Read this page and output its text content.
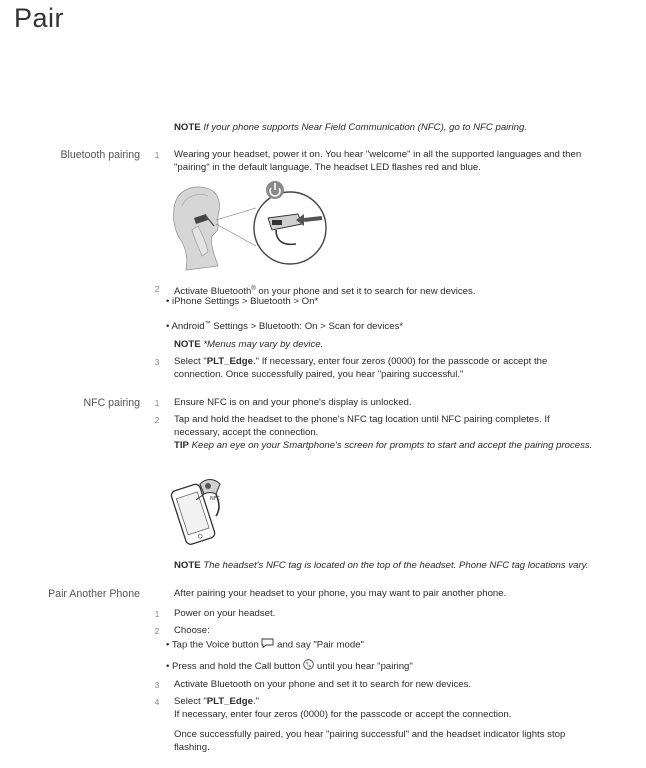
Pair
NOTE If your phone supports Near Field Communication (NFC), go to NFC pairing.
Bluetooth pairing	1 Wearing your headset, power it on. You hear "welcome" in all the supported languages and then
"pairing" in the default language. The headset LED flashes red and blue.
2 Activate Bluetooth® on your phone and set it to search for new devices.
• iPhone Settings > Bluetooth > On*
• Android™ Settings > Bluetooth: On > Scan for devices*
NOTE *Menus may vary by device.
3 Select "PLT_Edge." If necessary, enter four zeros (0000) for the passcode or accept the
connection. Once successfully paired, you hear "pairing successful."
NFC pairing	1 Ensure NFC is on and your phone's display is unlocked.
2 Tap and hold the headset to the phone's NFC tag location until NFC pairing completes. If
necessary, accept the connection.
TIP Keep an eye on your Smartphone's screen for prompts to start and accept the pairing process.
NFC
NOTE The headset's NFC tag is located on the top of the headset. Phone NFC tag locations vary.
Pair Another Phone	After pairing your headset to your phone, you may want to pair another phone.
1 Power on your headset.
2 Choose:
• Tap the Voice button  and say "Pair mode"
• Press and hold the Call button  until you hear "pairing"
3 Activate Bluetooth on your phone and set it to search for new devices.
4 Select "PLT_Edge."
If necessary, enter four zeros (0000) for the passcode or accept the connection.
Once successfully paired, you hear "pairing successful" and the headset indicator lights stop
flashing.
